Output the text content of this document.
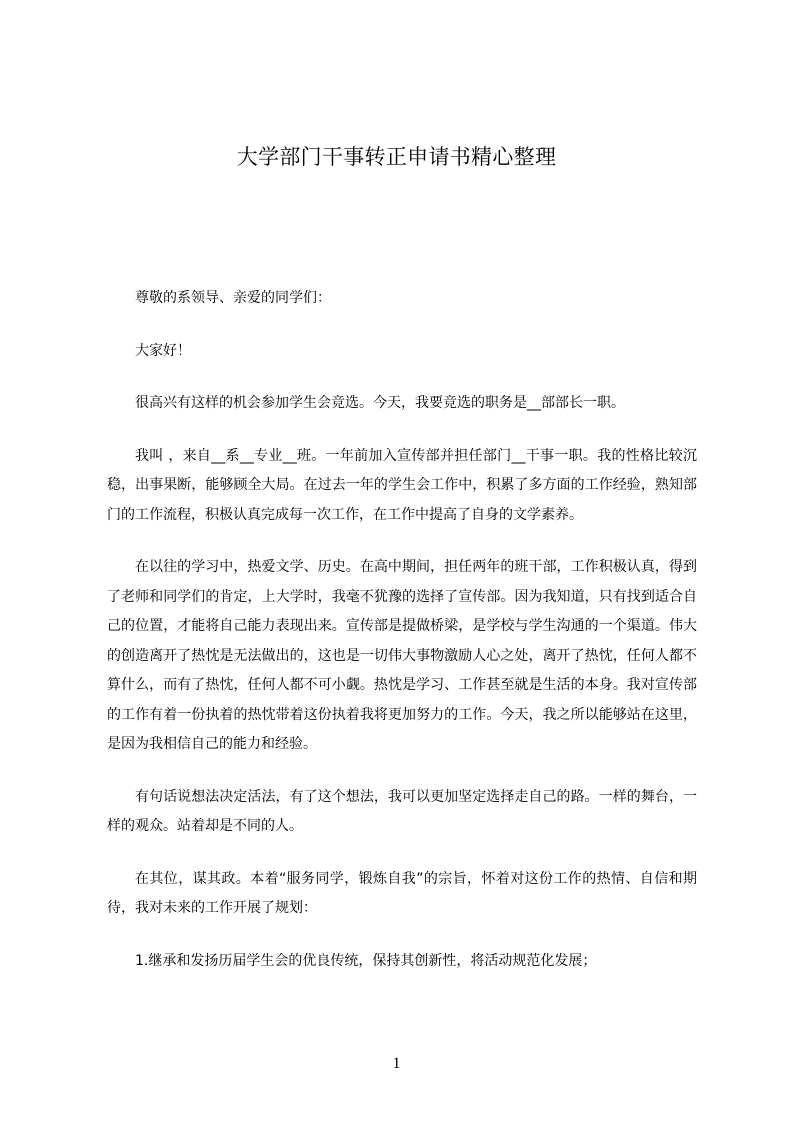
大学部门干事转正申请书精心整理

尊敬的系领导、亲爱的同学们：

大家好！

很高兴有这样的机会参加学生会竞选。今天，我要竞选的职务是__部部长一职。

我叫 ，来自__系__专业__班。一年前加入宣传部并担任部门__干事一职。我的性格比较沉稳，出事果断，能够顾全大局。在过去一年的学生会工作中，积累了多方面的工作经验，熟知部门的工作流程，积极认真完成每一次工作，在工作中提高了自身的文学素养。

在以往的学习中，热爱文学、历史。在高中期间，担任两年的班干部，工作积极认真，得到了老师和同学们的肯定，上大学时，我毫不犹豫的选择了宣传部。因为我知道，只有找到适合自己的位置，才能将自己能力表现出来。宣传部是提做桥梁，是学校与学生沟通的一个渠道。伟大的创造离开了热忱是无法做出的，这也是一切伟大事物激励人心之处，离开了热忱，任何人都不算什么，而有了热忱，任何人都不可小觑。热忱是学习、工作甚至就是生活的本身。我对宣传部的工作有着一份执着的热忱带着这份执着我将更加努力的工作。今天，我之所以能够站在这里，是因为我相信自己的能力和经验。

有句话说想法决定活法，有了这个想法，我可以更加坚定选择走自己的路。一样的舞台，一样的观众。站着却是不同的人。

在其位，谋其政。本着“服务同学，锻炼自我”的宗旨，怀着对这份工作的热情、自信和期待，我对未来的工作开展了规划：

1.继承和发扬历届学生会的优良传统，保持其创新性，将活动规范化发展；

1
